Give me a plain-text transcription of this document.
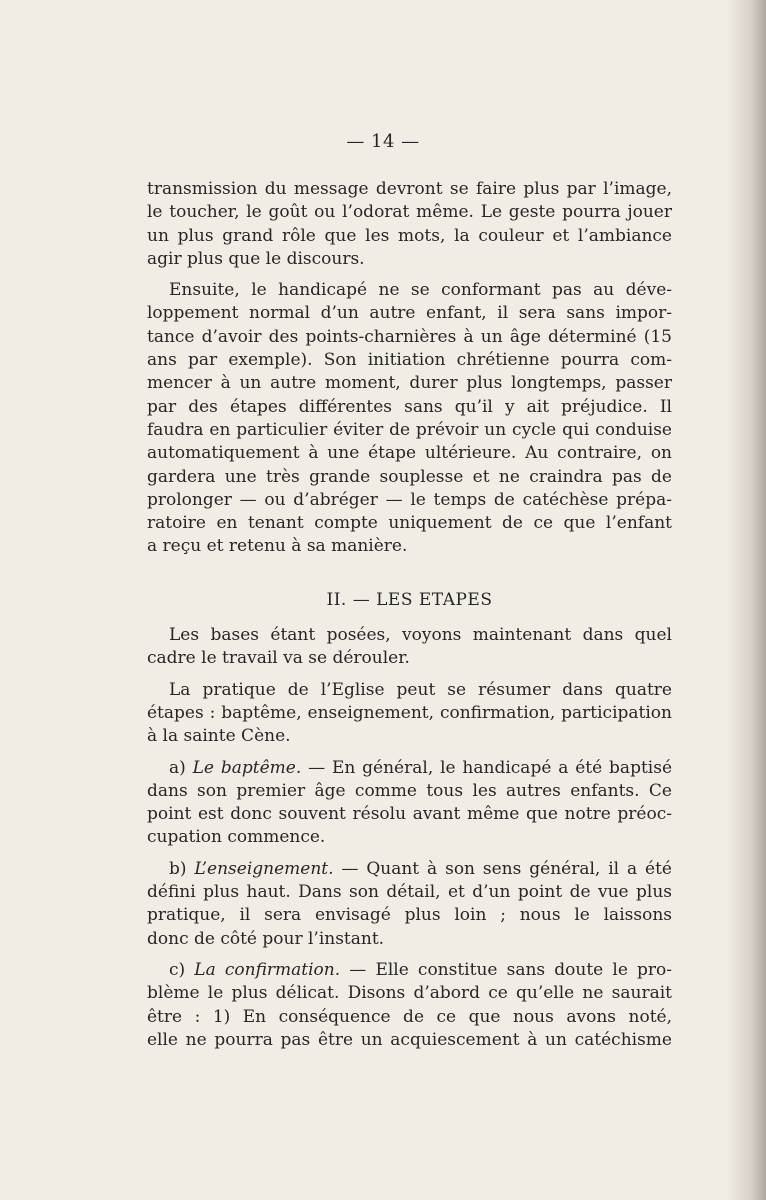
— 14 —
transmission du message devront se faire plus par l’image,
le toucher, le goût ou l’odorat même. Le geste pourra jouer
un plus grand rôle que les mots, la couleur et l’ambiance
agir plus que le discours.
Ensuite, le handicapé ne se conformant pas au déve-
loppement normal d’un autre enfant, il sera sans impor-
tance d’avoir des points-charnières à un âge déterminé (15
ans par exemple). Son initiation chrétienne pourra com-
mencer à un autre moment, durer plus longtemps, passer
par des étapes différentes sans qu’il y ait préjudice. Il
faudra en particulier éviter de prévoir un cycle qui conduise
automatiquement à une étape ultérieure. Au contraire, on
gardera une très grande souplesse et ne craindra pas de
prolonger — ou d’abréger — le temps de catéchèse prépa-
ratoire en tenant compte uniquement de ce que l’enfant
a reçu et retenu à sa manière.
II. — LES ETAPES
Les bases étant posées, voyons maintenant dans quel
cadre le travail va se dérouler.
La pratique de l’Eglise peut se résumer dans quatre
étapes : baptême, enseignement, confirmation, participation
à la sainte Cène.
a) Le baptême. — En général, le handicapé a été baptisé
dans son premier âge comme tous les autres enfants. Ce
point est donc souvent résolu avant même que notre préoc-
cupation commence.
b) L’enseignement. — Quant à son sens général, il a été
défini plus haut. Dans son détail, et d’un point de vue plus
pratique, il sera envisagé plus loin ; nous le laissons
donc de côté pour l’instant.
c) La confirmation. — Elle constitue sans doute le pro-
blème le plus délicat. Disons d’abord ce qu’elle ne saurait
être : 1) En conséquence de ce que nous avons noté,
elle ne pourra pas être un acquiescement à un catéchisme
